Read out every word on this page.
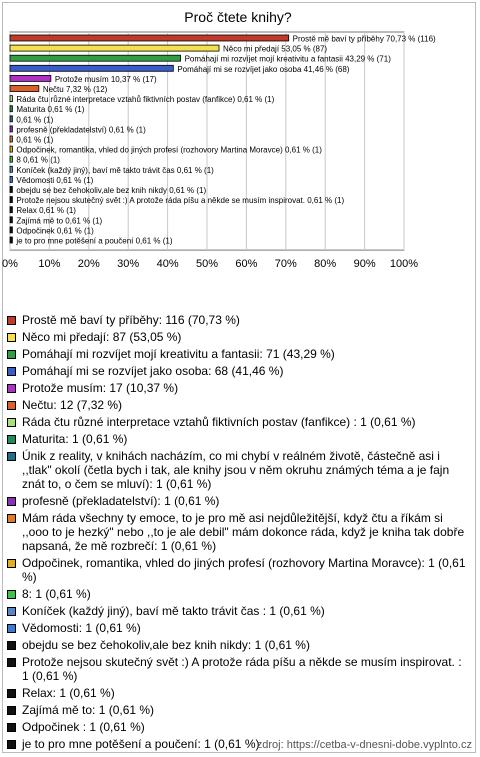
Proč čtete knihy?
0% 10% 20% 30% 40% 50% 60% 70% 80% 90% 100%
Prostě mě baví ty příběhy 70,73 % (116)
Něco mi předají 53,05 % (87)
Pomáhají mi rozvíjet mojí kreativitu a fantasii 43,29 % (71)
Pomáhají mi se rozvíjet jako osoba 41,46 % (68)
Protože musím 10,37 % (17)
Nečtu 7,32 % (12)
Ráda čtu různé interpretace vztahů fiktivních postav (fanfikce) 0,61 % (1)
Maturita 0,61 % (1)
0,61 % (1)
profesně (překladatelství) 0,61 % (1)
0,61 % (1)
Odpočinek, romantika, vhled do jiných profesí (rozhovory Martina Moravce) 0,61 % (1)
8 0,61 % (1)
Koníček (každý jiný), baví mě takto trávit čas 0,61 % (1)
Vědomosti 0,61 % (1)
obejdu se bez čehokoliv,ale bez knih nikdy 0,61 % (1)
Protože nejsou skutečný svět :) A protože ráda píšu a někde se musím inspirovat. 0,61 % (1)
Relax 0,61 % (1)
Zajímá mě to 0,61 % (1)
Odpočinek 0,61 % (1)
je to pro mne potěšení a poučení 0,61 % (1)
Prostě mě baví ty příběhy: 116 (70,73 %)
Něco mi předají: 87 (53,05 %)
Pomáhají mi rozvíjet mojí kreativitu a fantasii: 71 (43,29 %)
Pomáhají mi se rozvíjet jako osoba: 68 (41,46 %)
Protože musím: 17 (10,37 %)
Nečtu: 12 (7,32 %)
Ráda čtu různé interpretace vztahů fiktivních postav (fanfikce) : 1 (0,61 %)
Maturita: 1 (0,61 %)
Únik z reality, v knihách nacházím, co mi chybí v reálném životě, částečně asi i ,,tlak" okolí (četla bych i tak, ale knihy jsou v něm okruhu známých téma a je fajn znát to, o čem se mluví): 1 (0,61 %)
profesně (překladatelství): 1 (0,61 %)
Mám ráda všechny ty emoce, to je pro mě asi nejdůležitější, když čtu a říkám si ,,ooo to je hezký" nebo ,,to je ale debil" mám dokonce ráda, když je kniha tak dobře napsaná, že mě rozbrečí: 1 (0,61 %)
Odpočinek, romantika, vhled do jiných profesí (rozhovory Martina Moravce): 1 (0,61 %)
8: 1 (0,61 %)
Koníček (každý jiný), baví mě takto trávit čas : 1 (0,61 %)
Vědomosti: 1 (0,61 %)
obejdu se bez čehokoliv,ale bez knih nikdy: 1 (0,61 %)
Protože nejsou skutečný svět :) A protože ráda píšu a někde se musím inspirovat. : 1 (0,61 %)
Relax: 1 (0,61 %)
Zajímá mě to: 1 (0,61 %)
Odpočinek : 1 (0,61 %)
je to pro mne potěšení a poučení: 1 (0,61 %)
zdroj: https://cetba-v-dnesni-dobe.vyplnto.cz
